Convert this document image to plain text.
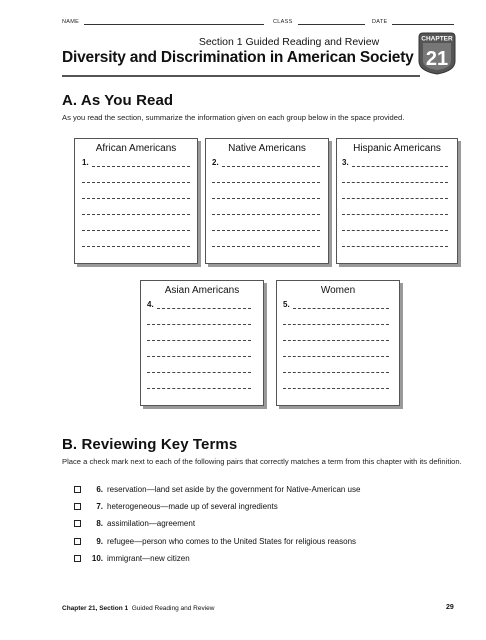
NAME	CLASS	DATE
Section 1 Guided Reading and Review
Diversity and Discrimination in American Society
CHAPTER
21
A. As You Read
As you read the section, summarize the information given on each group below in the space provided.
African Americans	Native Americans	Hispanic Americans
Asian Americans	Women
1.	2.	3.
4.	5.
B. Reviewing Key Terms
Place a check mark next to each of the following pairs that correctly matches a term from this chapter with its definition.
6. reservation—land set aside by the government for Native-American use
7. heterogeneous—made up of several ingredients
8. assimilation—agreement
9. refugee—person who comes to the United States for religious reasons
10. immigrant—new citizen
Chapter 21, Section 1 Guided Reading and Review	29
